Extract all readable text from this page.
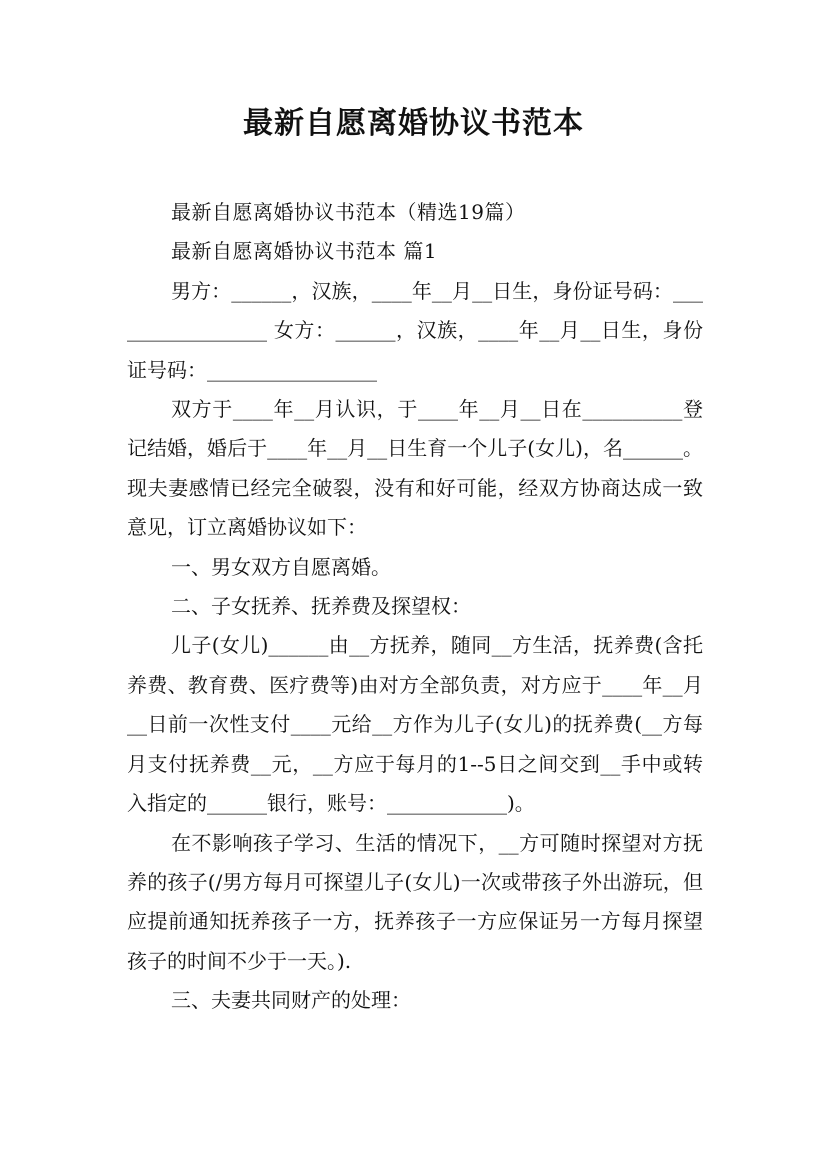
最新自愿离婚协议书范本

最新自愿离婚协议书范本（精选19篇）

最新自愿离婚协议书范本 篇1

男方：______，汉族，____年__月__日生，身份证号码：_________________ 女方：______，汉族，____年__月__日生，身份证号码：_________________

双方于____年__月认识，于____年__月__日在__________登记结婚，婚后于____年__月__日生育一个儿子(女儿)，名______。现夫妻感情已经完全破裂，没有和好可能，经双方协商达成一致意见，订立离婚协议如下：

一、男女双方自愿离婚。

二、子女抚养、抚养费及探望权：

儿子(女儿)______由__方抚养，随同__方生活，抚养费(含托养费、教育费、医疗费等)由对方全部负责，对方应于____年__月__日前一次性支付____元给__方作为儿子(女儿)的抚养费(__方每月支付抚养费__元，__方应于每月的1--5日之间交到__手中或转入指定的______银行，账号：____________)。

在不影响孩子学习、生活的情况下，__方可随时探望对方抚养的孩子(/男方每月可探望儿子(女儿)一次或带孩子外出游玩，但应提前通知抚养孩子一方，抚养孩子一方应保证另一方每月探望孩子的时间不少于一天。).

三、夫妻共同财产的处理：
